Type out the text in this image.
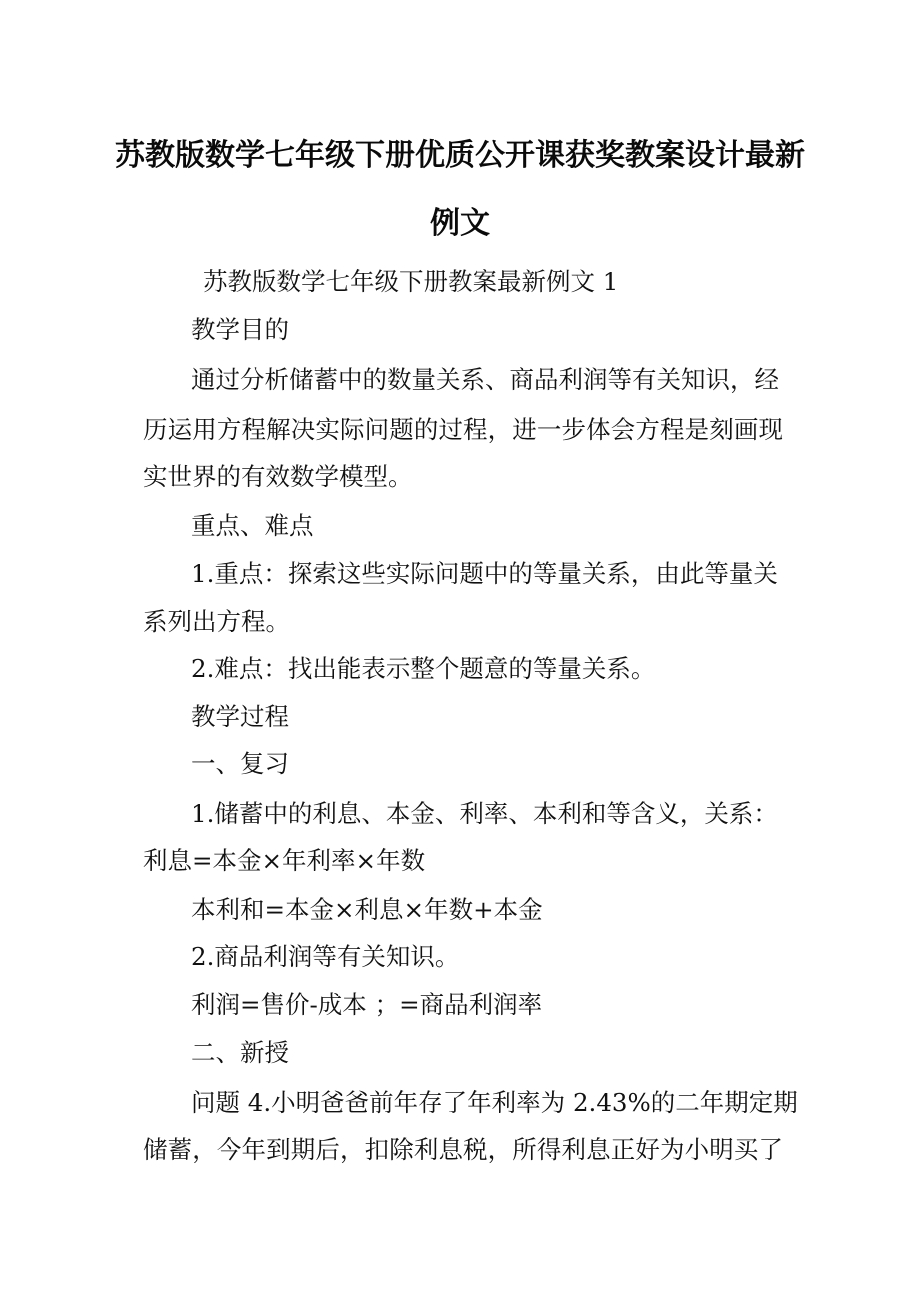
苏教版数学七年级下册优质公开课获奖教案设计最新
例文
苏教版数学七年级下册教案最新例文 1
教学目的
通过分析储蓄中的数量关系、商品利润等有关知识，经
历运用方程解决实际问题的过程，进一步体会方程是刻画现
实世界的有效数学模型。
重点、难点
1.重点：探索这些实际问题中的等量关系，由此等量关
系列出方程。
2.难点：找出能表示整个题意的等量关系。
教学过程
一、复习
1.储蓄中的利息、本金、利率、本利和等含义，关系：
利息=本金×年利率×年数
本利和=本金×利息×年数+本金
2.商品利润等有关知识。
利润=售价-成本 ；=商品利润率
二、新授
问题 4.小明爸爸前年存了年利率为 2.43%的二年期定期
储蓄，今年到期后，扣除利息税，所得利息正好为小明买了
